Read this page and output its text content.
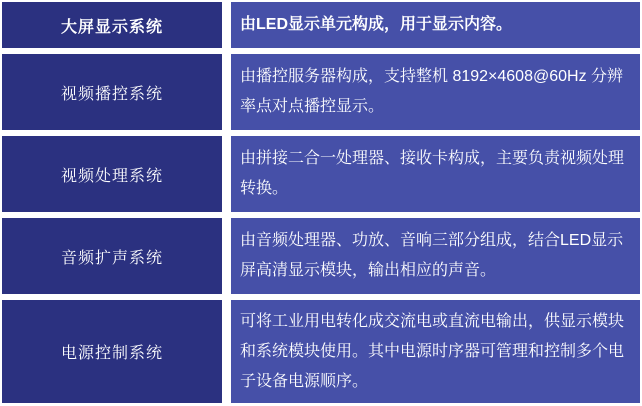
大屏显示系统	由LED显示单元构成，用于显示内容。
视频播控系统
由播控服务器构成，支持整机 8192×4608@60Hz 分辨率点对点播控显示。
视频处理系统
由拼接二合一处理器、接收卡构成，主要负责视频处理转换。
音频扩声系统
由音频处理器、功放、音响三部分组成，结合LED显示屏高清显示模块，输出相应的声音。
电源控制系统
可将工业用电转化成交流电或直流电输出，供显示模块和系统模块使用。其中电源时序器可管理和控制多个电子设备电源顺序。
